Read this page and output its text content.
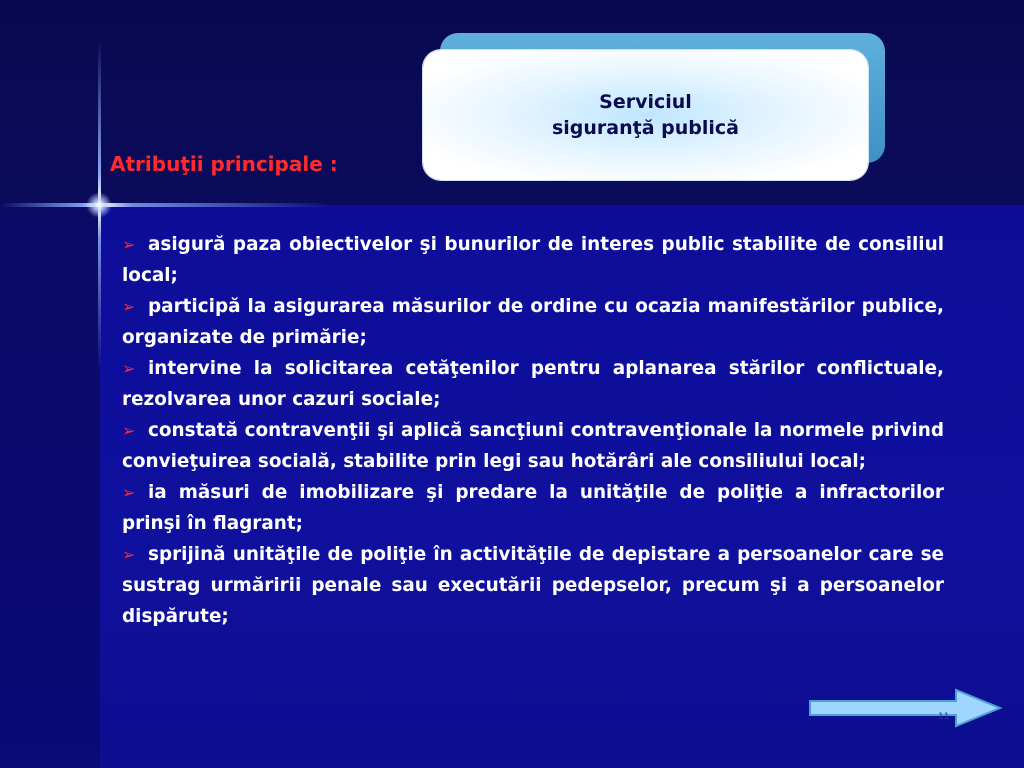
Serviciul
siguranţă publică
Atribuţii principale :

➢ asigură paza obiectivelor şi bunurilor de interes public stabilite de consiliul local;

➢ participă la asigurarea măsurilor de ordine cu ocazia manifestărilor publice, organizate de primărie;

➢ intervine la solicitarea cetăţenilor pentru aplanarea stărilor conflictuale, rezolvarea unor cazuri sociale;

➢ constată contravenţii şi aplică sancţiuni contravenţionale la normele privind convieţuirea socială, stabilite prin legi sau hotărâri ale consiliului local;

➢ ia măsuri de imobilizare şi predare la unităţile de poliţie a infractorilor prinşi în flagrant;

➢ sprijină unităţile de poliţie în activităţile de depistare a persoanelor care se sustrag urmăririi penale sau executării pedepselor, precum şi a persoanelor dispărute;

11
